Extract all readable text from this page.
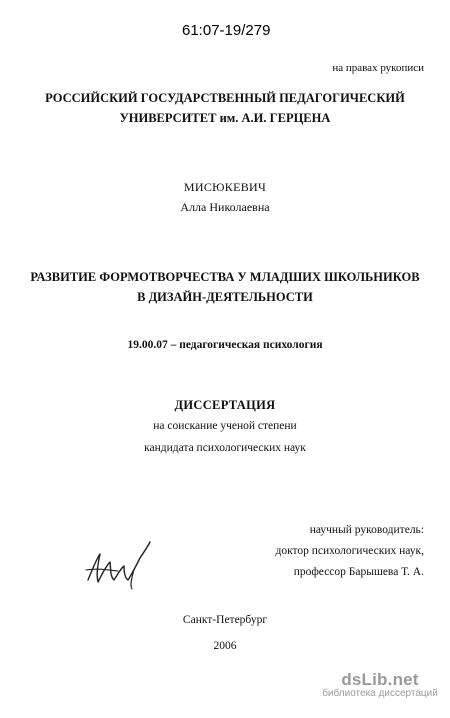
61:07-19/279
на правах рукописи
РОССИЙСКИЙ ГОСУДАРСТВЕННЫЙ ПЕДАГОГИЧЕСКИЙ
УНИВЕРСИТЕТ им. А.И. ГЕРЦЕНА
МИСЮКЕВИЧ
Алла Николаевна
РАЗВИТИЕ ФОРМОТВОРЧЕСТВА У МЛАДШИХ ШКОЛЬНИКОВ
В ДИЗАЙН-ДЕЯТЕЛЬНОСТИ
19.00.07 – педагогическая психология
ДИССЕРТАЦИЯ
на соискание ученой степени
кандидата психологических наук
научный руководитель:
доктор психологических наук,
профессор Барышева Т. А.
Санкт-Петербург
2006
dsLib.net
библиотека диссертаций
